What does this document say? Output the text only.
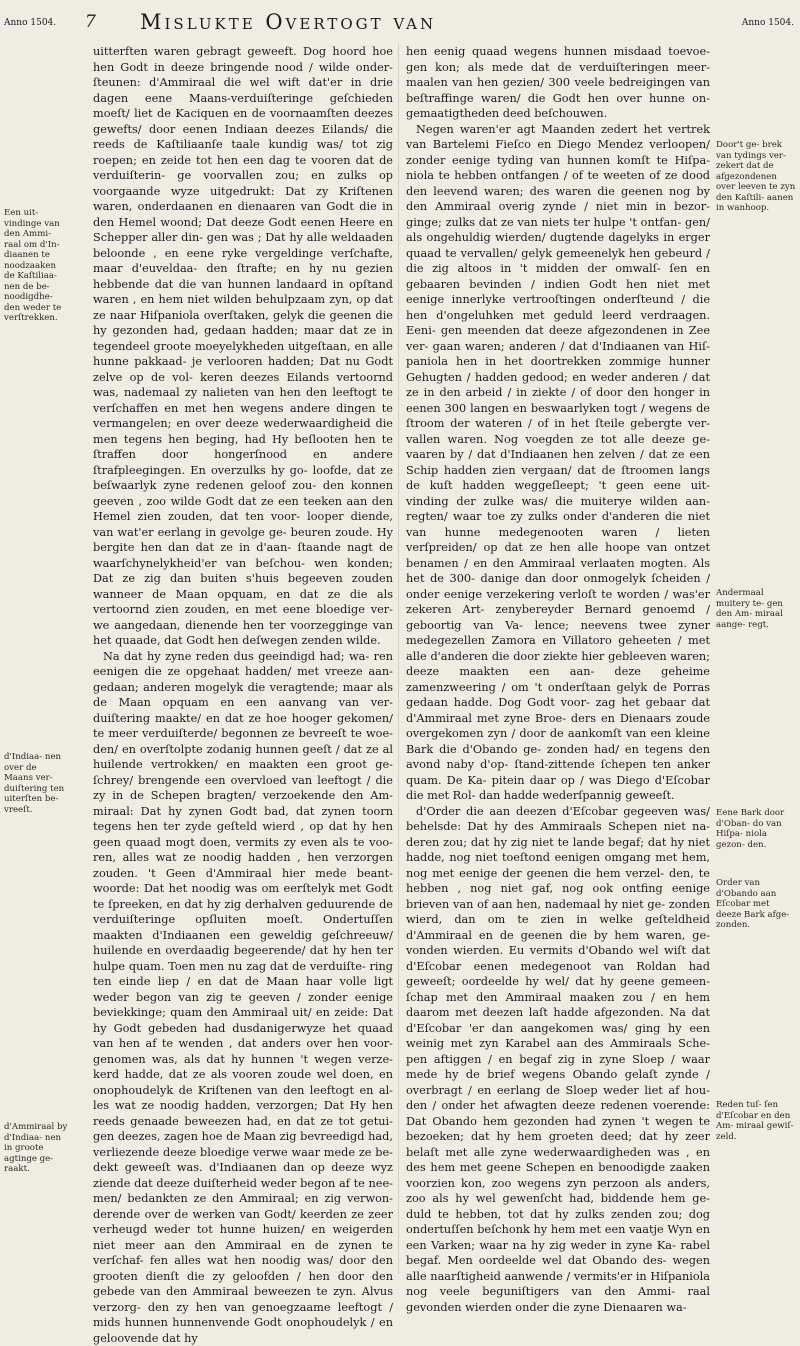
Anno 1504. 7 Mislukte Overtogt van	Anno 1504.
Een uit- vindinge van den Ammi- raal om d'In- diaanen te noodzaaken de Kaſtiliaa- nen de be- noodigdhe- den weder te verſtrekken.
d'Indiaa- nen over de Maans ver- duiſtering ten uiterſten be- vreeſt.
d'Ammiraal by d'Indiaa- nen in groote agtinge ge- raakt.
Door't ge- brek van tydings ver- zekert dat de afgezondenen over leeven te zyn den Kaſtili- aanen in wanhoop.
Andermaal muitery te- gen den Am- miraal aange- regt.
Eene Bark door d'Oban- do van Hiſpa- niola gezon- den.
Order van d'Obando aan Eſcobar met deeze Bark afge- zonden.
Reden tuſ- ſen d'Eſcobar en den Am- miraal gewiſ- zeld.

uitterften waren gebragt geweeft. Dog hoord hoe hen Godt in deeze bringende nood / wilde onder- ſteunen: d'Ammiraal die wel wift dat'er in drie dagen eene Maans-verduiſteringe geſchieden moeſt/ liet de Kaciquen en de voornaamſten deezes gewefts/ door eenen Indiaan deezes Eilands/ die reeds de Kaſtiliaanſe taale kundig was/ tot zig roepen; en zeide tot hen een dag te vooren dat de verduiſterin- ge voorvallen zou; en zulks op voorgaande wyze uitgedrukt: Dat zy Kriſtenen waren, onderdaanen en dienaaren van Godt die in den Hemel woond; Dat deeze Godt eenen Heere en Schepper aller din- gen was ; Dat hy alle weldaaden beloonde , en eene ryke vergeldinge verſchafte, maar d'euveldaa- den ſtrafte; en hy nu gezien hebbende dat die van hunnen landaard in opſtand waren , en hem niet wilden behulpzaam zyn, op dat ze naar Hiſpaniola overſtaken, gelyk die geenen die hy gezonden had, gedaan hadden; maar dat ze in tegendeel groote moeyelykheden uitgeſtaan, en alle hunne pakkaad- je verlooren hadden; Dat nu Godt zelve op de vol- keren deezes Eilands vertoornd was, nademaal zy nalieten van hen den leeftogt te verſchaffen en met hen wegens andere dingen te vermangelen; en over deeze wederwaardigheid die men tegens hen beging, had Hy beſlooten hen te ſtraffen door hongerſnood en andere ſtrafpleegingen. En overzulks hy go- loofde, dat ze beſwaarlyk zyne redenen geloof zou- den konnen geeven , zoo wilde Godt dat ze een teeken aan den Hemel zien zouden, dat ten voor- looper diende, van wat'er eerlang in gevolge ge- beuren zoude. Hy bergite hen dan dat ze in d'aan- ſtaande nagt de waarſchynelykheid'er van beſchou- wen konden; Dat ze zig dan buiten s'huis begeeven zouden wanneer de Maan opquam, en dat ze die als vertoornd zien zouden, en met eene bloedige ver- we aangedaan, dienende hen ter voorzegginge van het quaade, dat Godt hen deſwegen zenden wilde.

Na dat hy zyne reden dus geeindigd had; wa- ren eenigen die ze opgehaat hadden/ met vreeze aan- gedaan; anderen mogelyk die veragtende; maar als de Maan opquam en een aanvang van ver- duiſtering maakte/ en dat ze hoe hooger gekomen/ te meer verduiſterde/ begonnen ze bevreeſt te woe- den/ en overſtolpte zodanig hunnen geeſt / dat ze al huilende vertrokken/ en maakten een groot ge- ſchrey/ brengende een overvloed van leeftogt / die zy in de Schepen bragten/ verzoekende den Am- miraal: Dat hy zynen Godt bad, dat zynen toorn tegens hen ter zyde geſteld wierd , op dat hy hen geen quaad mogt doen, vermits zy even als te voo- ren, alles wat ze noodig hadden , hen verzorgen zouden. 't Geen d'Ammiraal hier mede beant- woorde: Dat het noodig was om eerſtelyk met Godt te ſpreeken, en dat hy zig derhalven geduurende de verduiſteringe opſluiten moeſt. Ondertuſſen maakten d'Indiaanen een geweldig geſchreeuw/ huilende en overdaadig begeerende/ dat hy hen ter hulpe quam. Toen men nu zag dat de verduiſte- ring ten einde liep / en dat de Maan haar volle ligt weder begon van zig te geeven / zonder eenige beviekkinge; quam den Ammiraal uit/ en zeide: Dat hy Godt gebeden had dusdanigerwyze het quaad van hen af te wenden , dat anders over hen voor- genomen was, als dat hy hunnen 't wegen verze- kerd hadde, dat ze als vooren zoude wel doen, en onophoudelyk de Kriſtenen van den leeftogt en al- les wat ze noodig hadden, verzorgen; Dat Hy hen reeds genaade beweezen had, en dat ze tot getui- gen deezes, zagen hoe de Maan zig bevreedigd had, verliezende deeze bloedige verwe waar mede ze be- dekt geweeſt was. d'Indiaanen dan op deeze wyz ziende dat deeze duiſterheid weder begon af te nee- men/ bedankten ze den Ammiraal; en zig verwon- derende over de werken van Godt/ keerden ze zeer verheugd weder tot hunne huizen/ en weigerden niet meer aan den Ammiraal en de zynen te verſchaf- fen alles wat hen noodig was/ door den grooten dienſt die zy geloofden / hen door den gebede van den Ammiraal beweezen te zyn. Alvus verzorg- den zy hen van genoegzaame leeftogt / mids hunnen hunnenvende Godt onophoudelyk / en geloovende dat hy

hen eenig quaad wegens hunnen misdaad toevoe- gen kon; als mede dat de verduiſteringen meer- maalen van hen gezien/ 300 veele bedreigingen van beſtraffinge waren/ die Godt hen over hunne on- gemaatigtheden deed beſchouwen.

Negen waren'er agt Maanden zedert het vertrek van Bartelemi Fieſco en Diego Mendez verloopen/ zonder eenige tyding van hunnen komſt te Hiſpa- niola te hebben ontfangen / of te weeten of ze dood den leevend waren; des waren die geenen nog by den Ammiraal overig zynde / niet min in bezor- ginge; zulks dat ze van niets ter hulpe 't ontfan- gen/ als ongehuldig wierden/ dugtende dagelyks in erger quaad te vervallen/ gelyk gemeenelyk hen gebeurd / die zig altoos in 't midden der omwalſ- ſen en gebaaren bevinden / indien Godt hen niet met eenige innerlyke vertrooſtingen onderſteund / die hen d'ongeluhken met geduld leerd verdraagen. Eeni- gen meenden dat deeze afgezondenen in Zee ver- gaan waren; anderen / dat d'Indiaanen van Hiſ- paniola hen in het doortrekken zommige hunner Gehugten / hadden gedood; en weder anderen / dat ze in den arbeid / in ziekte / of door den honger in eenen 300 langen en beswaarlyken togt / wegens de ſtroom der wateren / of in het ſteile gebergte ver- vallen waren. Nog voegden ze tot alle deeze ge- vaaren by / dat d'Indiaanen hen zelven / dat ze een Schip hadden zien vergaan/ dat de ſtroomen langs de kuſt hadden weggeſleept; 't geen eene uit- vinding der zulke was/ die muiterye wilden aan- regten/ waar toe zy zulks onder d'anderen die niet van hunne medegenooten waren / lieten verſpreiden/ op dat ze hen alle hoope van ontzet benamen / en den Ammiraal verlaaten mogten. Als het de 300- danige dan door onmogelyk ſcheiden / onder eenige verzekering verloſt te worden / was'er zekeren Art- zenybereyder Bernard genoemd / geboortig van Va- lence; neevens twee zyner medegezellen Zamora en Villatoro geheeten / met alle d'anderen die door ziekte hier gebleeven waren; deeze maakten een aan- deze geheime zamenzweering / om 't onderſtaan gelyk de Porras gedaan hadde. Dog Godt voor- zag het gebaar dat d'Ammiraal met zyne Broe- ders en Dienaars zoude overgekomen zyn / door de aankomſt van een kleine Bark die d'Obando ge- zonden had/ en tegens den avond naby d'op- ſtand-zittende ſchepen ten anker quam. De Ka- pitein daar op / was Diego d'Eſcobar die met Rol- dan hadde wederſpannig geweeſt.

d'Order die aan deezen d'Eſcobar gegeeven was/ behelsde: Dat hy des Ammiraals Schepen niet na- deren zou; dat hy zig niet te lande begaf; dat hy niet hadde, nog niet toeſtond eenigen omgang met hem, nog met eenige der geenen die hem verzel- den, te hebben , nog niet gaf, nog ook ontfing eenige brieven van of aan hen, nademaal hy niet ge- zonden wierd, dan om te zien in welke geſteldheid d'Ammiraal en de geenen die by hem waren, ge- vonden wierden. Eu vermits d'Obando wel wiſt dat d'Eſcobar eenen medegenoot van Roldan had geweeſt; oordeelde hy wel/ dat hy geene gemeen- ſchap met den Ammiraal maaken zou / en hem daarom met deezen laſt hadde afgezonden. Na dat d'Eſcobar 'er dan aangekomen was/ ging hy een weinig met zyn Karabel aan des Ammiraals Sche- pen aftiggen / en begaf zig in zyne Sloep / waar mede hy de brief wegens Obando gelaſt zynde / overbragt / en eerlang de Sloep weder liet af hou- den / onder het afwagten deeze redenen voerende: Dat Obando hem gezonden had zynen 't wegen te bezoeken; dat hy hem groeten deed; dat hy zeer belaſt met alle zyne wederwaardigheden was , en des hem met geene Schepen en benoodigde zaaken voorzien kon, zoo wegens zyn perzoon als anders, zoo als hy wel gewenſcht had, biddende hem ge- duld te hebben, tot dat hy zulks zenden zou; dog ondertuſſen beſchonk hy hem met een vaatje Wyn en een Varken; waar na hy zig weder in zyne Ka- rabel begaf. Men oordeelde wel dat Obando des- wegen alle naarſtigheid aanwende / vermits'er in Hiſpaniola nog veele beguniſtigers van den Ammi- raal gevonden wierden onder die zyne Dienaaren wa-
